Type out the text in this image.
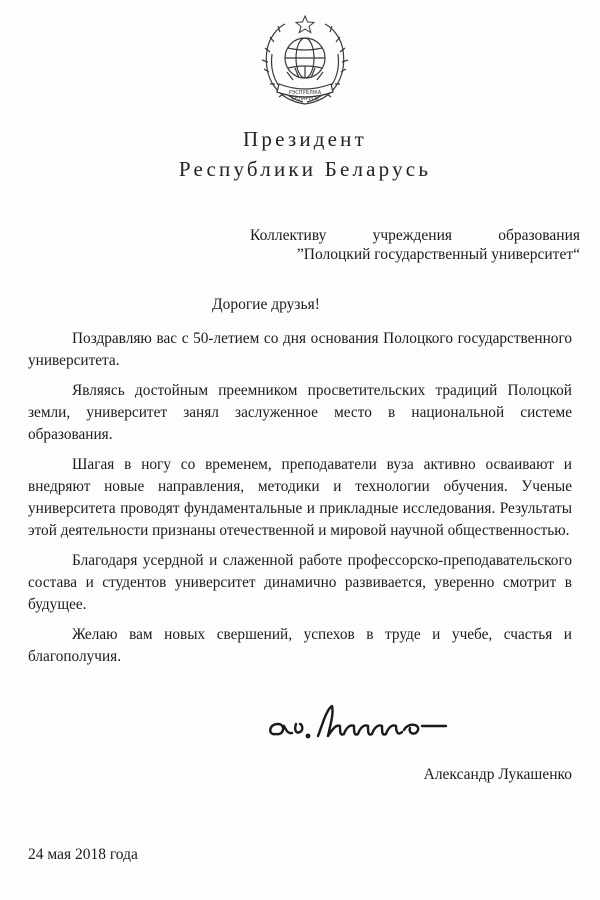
РЭСПУБЛІКА
БЕЛАРУСЬ
Президент
Республики Беларусь
Коллективу учреждения образования
”Полоцкий государственный университет“
Дорогие друзья!

Поздравляю вас с 50-летием со дня основания Полоцкого государственного университета.

Являясь достойным преемником просветительских традиций Полоцкой земли, университет занял заслуженное место в национальной системе образования.

Шагая в ногу со временем, преподаватели вуза активно осваивают и внедряют новые направления, методики и технологии обучения. Ученые университета проводят фундаментальные и прикладные исследования. Результаты этой деятельности признаны отечественной и мировой научной общественностью.

Благодаря усердной и слаженной работе профессорско-преподавательского состава и студентов университет динамично развивается, уверенно смотрит в будущее.

Желаю вам новых свершений, успехов в труде и учебе, счастья и благополучия.

Александр Лукашенко
24 мая 2018 года
